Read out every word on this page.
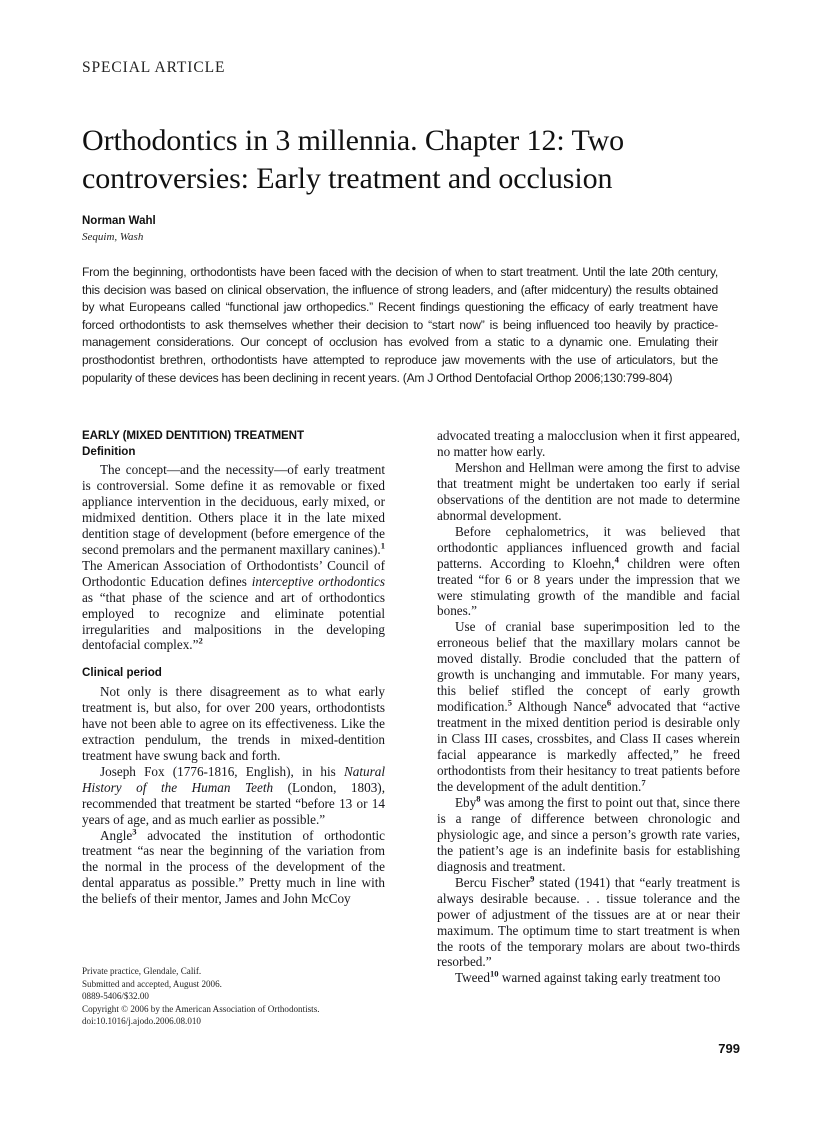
SPECIAL ARTICLE
Orthodontics in 3 millennia. Chapter 12: Two
controversies: Early treatment and occlusion
Norman Wahl
Sequim, Wash
From the beginning, orthodontists have been faced with the decision of when to start treatment. Until the late 20th century, this decision was based on clinical observation, the influence of strong leaders, and (after midcentury) the results obtained by what Europeans called “functional jaw orthopedics.” Recent findings questioning the efficacy of early treatment have forced orthodontists to ask themselves whether their decision to “start now” is being influenced too heavily by practice-management considerations. Our concept of occlusion has evolved from a static to a dynamic one. Emulating their prosthodontist brethren, orthodontists have attempted to reproduce jaw movements with the use of articulators, but the popularity of these devices has been declining in recent years. (Am J Orthod Dentofacial Orthop 2006;130:799-804)
EARLY (MIXED DENTITION) TREATMENT
Definition

The concept—and the necessity—of early treatment is controversial. Some define it as removable or fixed appliance intervention in the deciduous, early mixed, or midmixed dentition. Others place it in the late mixed dentition stage of development (before emergence of the second premolars and the permanent maxillary canines).$^1$ The American Association of Orthodontists’ Council of Orthodontic Education defines interceptive orthodontics as “that phase of the science and art of orthodontics employed to recognize and eliminate potential irregularities and malpositions in the developing dentofacial complex.”$^2$

Clinical period

Not only is there disagreement as to what early treatment is, but also, for over 200 years, orthodontists have not been able to agree on its effectiveness. Like the extraction pendulum, the trends in mixed-dentition treatment have swung back and forth.

Joseph Fox (1776-1816, English), in his Natural History of the Human Teeth (London, 1803), recommended that treatment be started “before 13 or 14 years of age, and as much earlier as possible.”

Angle$^3$ advocated the institution of orthodontic treatment “as near the beginning of the variation from the normal in the process of the development of the dental apparatus as possible.” Pretty much in line with the beliefs of their mentor, James and John McCoy

advocated treating a malocclusion when it first appeared, no matter how early.

Mershon and Hellman were among the first to advise that treatment might be undertaken too early if serial observations of the dentition are not made to determine abnormal development.

Before cephalometrics, it was believed that orthodontic appliances influenced growth and facial patterns. According to Kloehn,$^4$ children were often treated “for 6 or 8 years under the impression that we were stimulating growth of the mandible and facial bones.”

Use of cranial base superimposition led to the erroneous belief that the maxillary molars cannot be moved distally. Brodie concluded that the pattern of growth is unchanging and immutable. For many years, this belief stifled the concept of early growth modification.$^5$ Although Nance$^6$ advocated that “active treatment in the mixed dentition period is desirable only in Class III cases, crossbites, and Class II cases wherein facial appearance is markedly affected,” he freed orthodontists from their hesitancy to treat patients before the development of the adult dentition.$^7$

Eby$^8$ was among the first to point out that, since there is a range of difference between chronologic and physiologic age, and since a person’s growth rate varies, the patient’s age is an indefinite basis for establishing diagnosis and treatment.

Bercu Fischer$^9$ stated (1941) that “early treatment is always desirable because. . . tissue tolerance and the power of adjustment of the tissues are at or near their maximum. The optimum time to start treatment is when the roots of the temporary molars are about two-thirds resorbed.”

Tweed$^{10}$ warned against taking early treatment too

Private practice, Glendale, Calif.
Submitted and accepted, August 2006.
0889-5406/$32.00
Copyright © 2006 by the American Association of Orthodontists.
doi:10.1016/j.ajodo.2006.08.010
799
